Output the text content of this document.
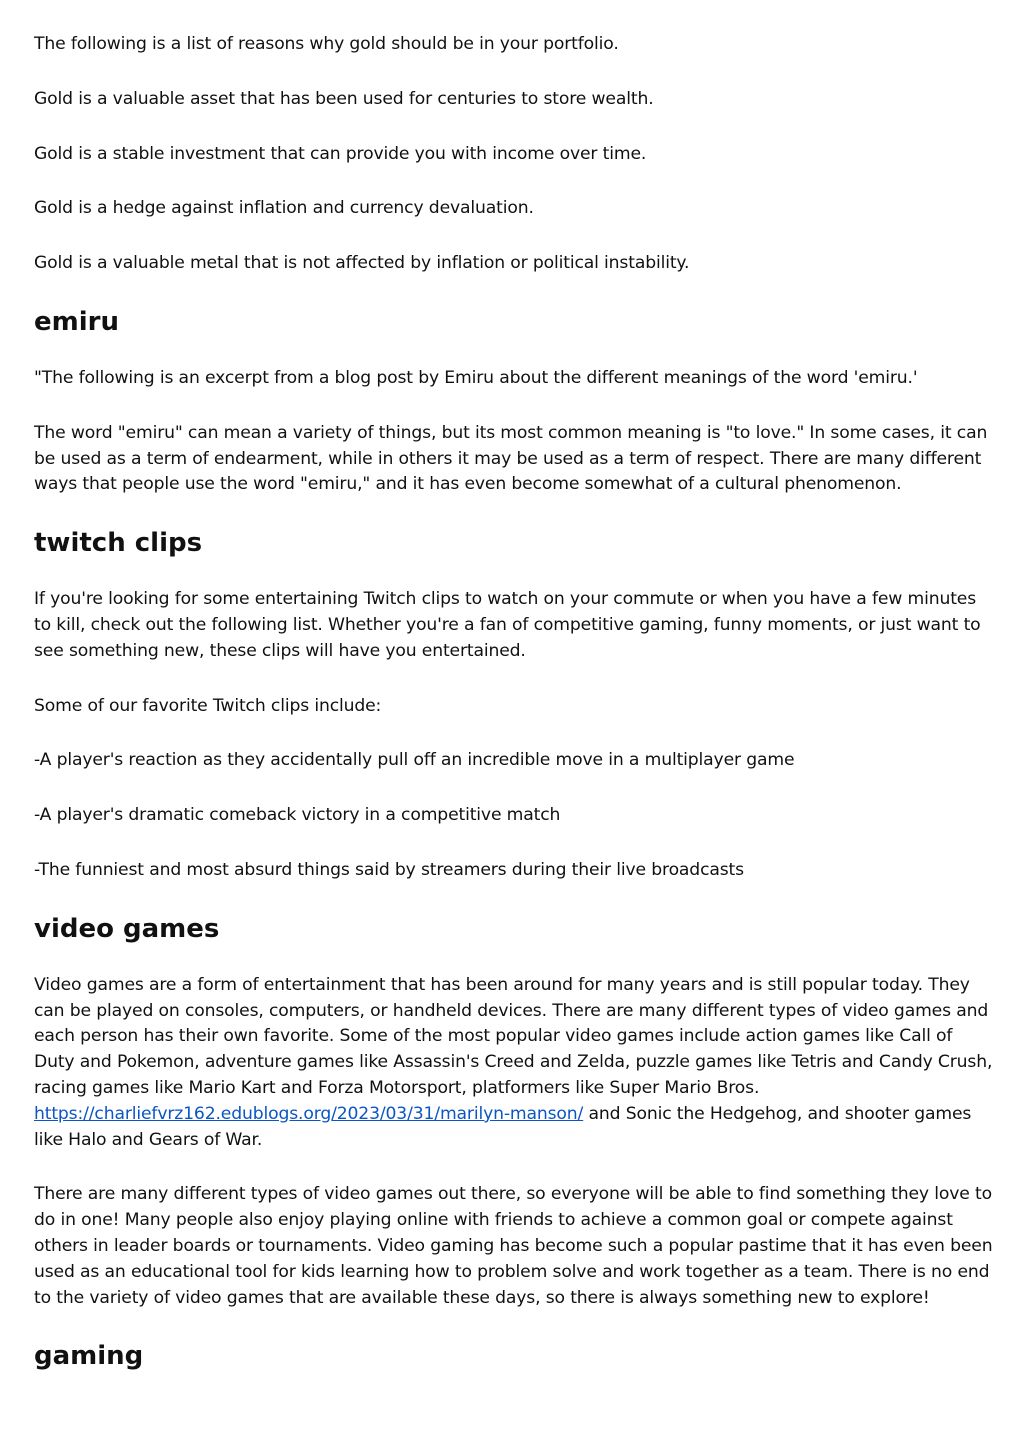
The following is a list of reasons why gold should be in your portfolio.

Gold is a valuable asset that has been used for centuries to store wealth.

Gold is a stable investment that can provide you with income over time.

Gold is a hedge against inflation and currency devaluation.

Gold is a valuable metal that is not affected by inflation or political instability.

emiru

"The following is an excerpt from a blog post by Emiru about the different meanings of the word 'emiru.'

The word "emiru" can mean a variety of things, but its most common meaning is "to love." In some cases, it can be used as a term of endearment, while in others it may be used as a term of respect. There are many different ways that people use the word "emiru," and it has even become somewhat of a cultural phenomenon.

twitch clips

If you're looking for some entertaining Twitch clips to watch on your commute or when you have a few minutes to kill, check out the following list. Whether you're a fan of competitive gaming, funny moments, or just want to see something new, these clips will have you entertained.

Some of our favorite Twitch clips include:

-A player's reaction as they accidentally pull off an incredible move in a multiplayer game

-A player's dramatic comeback victory in a competitive match

-The funniest and most absurd things said by streamers during their live broadcasts

video games

Video games are a form of entertainment that has been around for many years and is still popular today. They can be played on consoles, computers, or handheld devices. There are many different types of video games and each person has their own favorite. Some of the most popular video games include action games like Call of Duty and Pokemon, adventure games like Assassin's Creed and Zelda, puzzle games like Tetris and Candy Crush, racing games like Mario Kart and Forza Motorsport, platformers like Super Mario Bros.
https://charliefvrz162.edublogs.org/2023/03/31/marilyn-manson/ and Sonic the Hedgehog, and shooter games like Halo and Gears of War.

There are many different types of video games out there, so everyone will be able to find something they love to do in one! Many people also enjoy playing online with friends to achieve a common goal or compete against others in leader boards or tournaments. Video gaming has become such a popular pastime that it has even been used as an educational tool for kids learning how to problem solve and work together as a team. There is no end to the variety of video games that are available these days, so there is always something new to explore!

gaming
